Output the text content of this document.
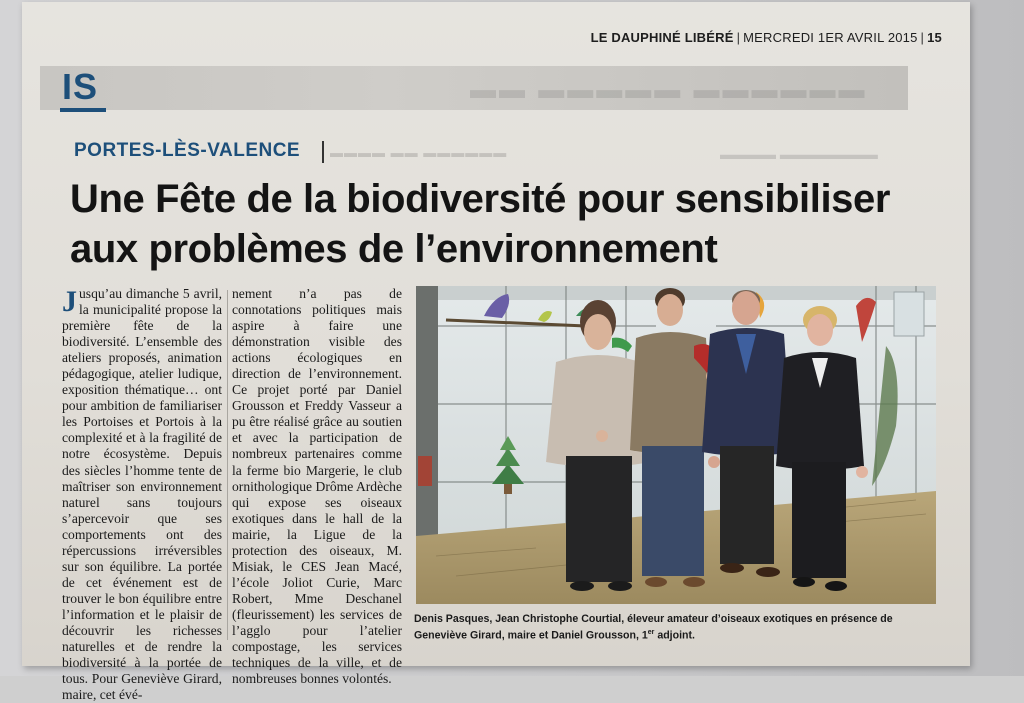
LE DAUPHINÉ LIBÉRÉ | MERCREDI 1ER AVRIL 2015 | 15
▬▬ ▬▬▬▬▬ ▬▬▬▬▬▬
IS
PORTES-LÈS-VALENCE ▬▬▬▬ ▬▬ ▬▬▬▬▬▬	▬▬▬▬ ▬▬▬▬▬▬▬
Une Fête de la biodiversité pour sensibiliser aux problèmes de l’environnement
Jusqu’au dimanche 5 avril, la municipalité propose la première fête de la biodiversité. L’ensemble des ateliers proposés, animation pédagogique, atelier ludique, exposition thématique… ont pour ambition de familiariser les Portoises et Portois à la complexité et à la fragilité de notre écosystème. Depuis des siècles l’homme tente de maîtriser son environnement naturel sans toujours s’apercevoir que ses comportements ont des répercussions irréversibles sur son équilibre. La portée de cet événement est de trouver le bon équilibre entre l’information et le plaisir de découvrir les richesses naturelles et de rendre la biodiversité à la portée de tous. Pour Geneviève Girard, maire, cet évé-
nement n’a pas de connotations politiques mais aspire à faire une démonstration visible des actions écologiques en direction de l’environnement. Ce projet porté par Daniel Grousson et Freddy Vasseur a pu être réalisé grâce au soutien et avec la participation de nombreux partenaires comme la ferme bio Margerie, le club ornithologique Drôme Ardèche qui expose ses oiseaux exotiques dans le hall de la mairie, la Ligue de la protection des oiseaux, M. Misiak, le CES Jean Macé, l’école Joliot Curie, Marc Robert, Mme Deschanel (fleurissement) les services de l’agglo pour l’atelier compostage, les services techniques de la ville, et de nombreuses bonnes volontés.
Denis Pasques, Jean Christophe Courtial, éleveur amateur d’oiseaux exotiques en présence de Geneviève Girard, maire et Daniel Grousson, 1er adjoint.
